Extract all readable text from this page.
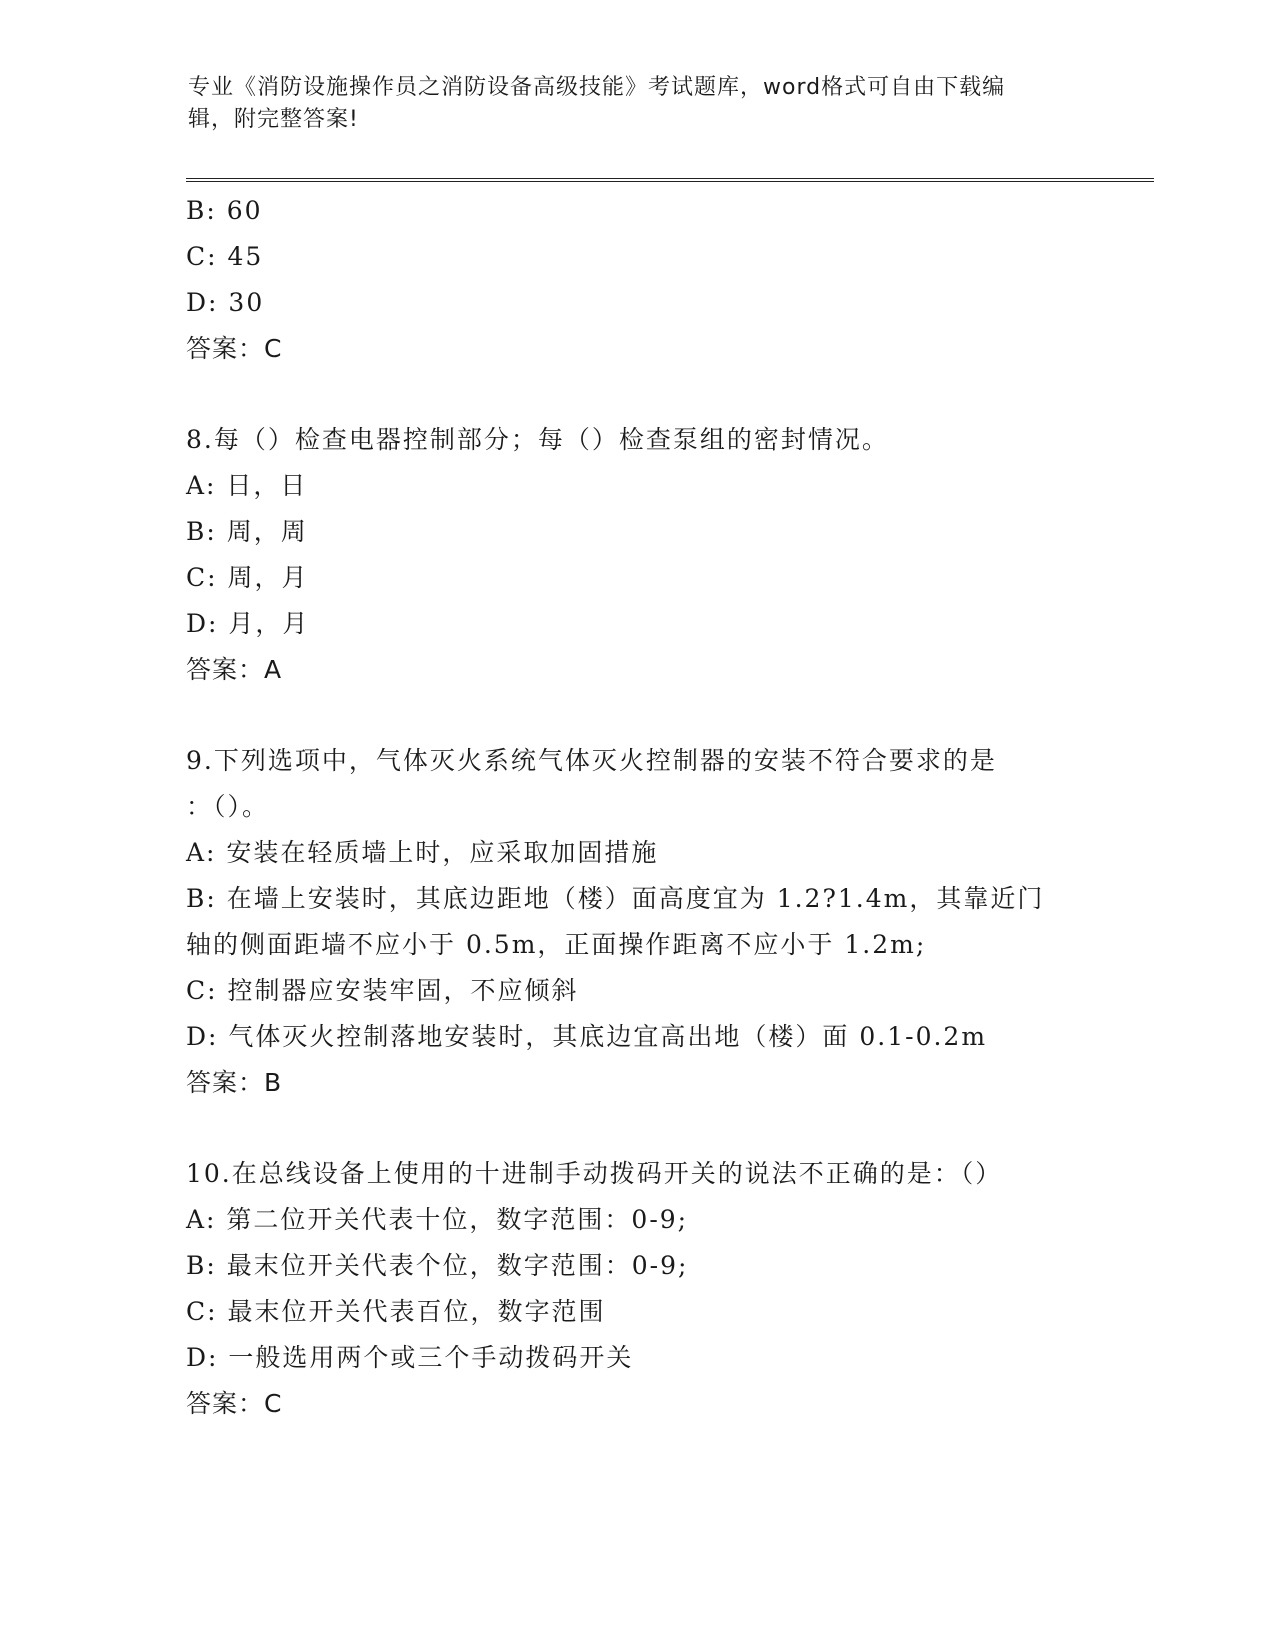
专业《消防设施操作员之消防设备高级技能》考试题库，word格式可自由下载编
辑，附完整答案!
B: 60
C: 45
D: 30
答案：C
8.每（）检查电器控制部分；每（）检查泵组的密封情况。
A: 日，日
B: 周，周
C: 周，月
D: 月，月
答案：A
9.下列选项中，气体灭火系统气体灭火控制器的安装不符合要求的是
：（）。
A: 安装在轻质墙上时，应采取加固措施
B: 在墙上安装时，其底边距地（楼）面高度宜为 1.2?1.4m，其靠近门
轴的侧面距墙不应小于 0.5m，正面操作距离不应小于 1.2m;
C: 控制器应安装牢固，不应倾斜
D: 气体灭火控制落地安装时，其底边宜高出地（楼）面 0.1-0.2m
答案：B
10.在总线设备上使用的十进制手动拨码开关的说法不正确的是：（）
A: 第二位开关代表十位，数字范围：0-9;
B: 最末位开关代表个位，数字范围：0-9;
C: 最末位开关代表百位，数字范围
D: 一般选用两个或三个手动拨码开关
答案：C
